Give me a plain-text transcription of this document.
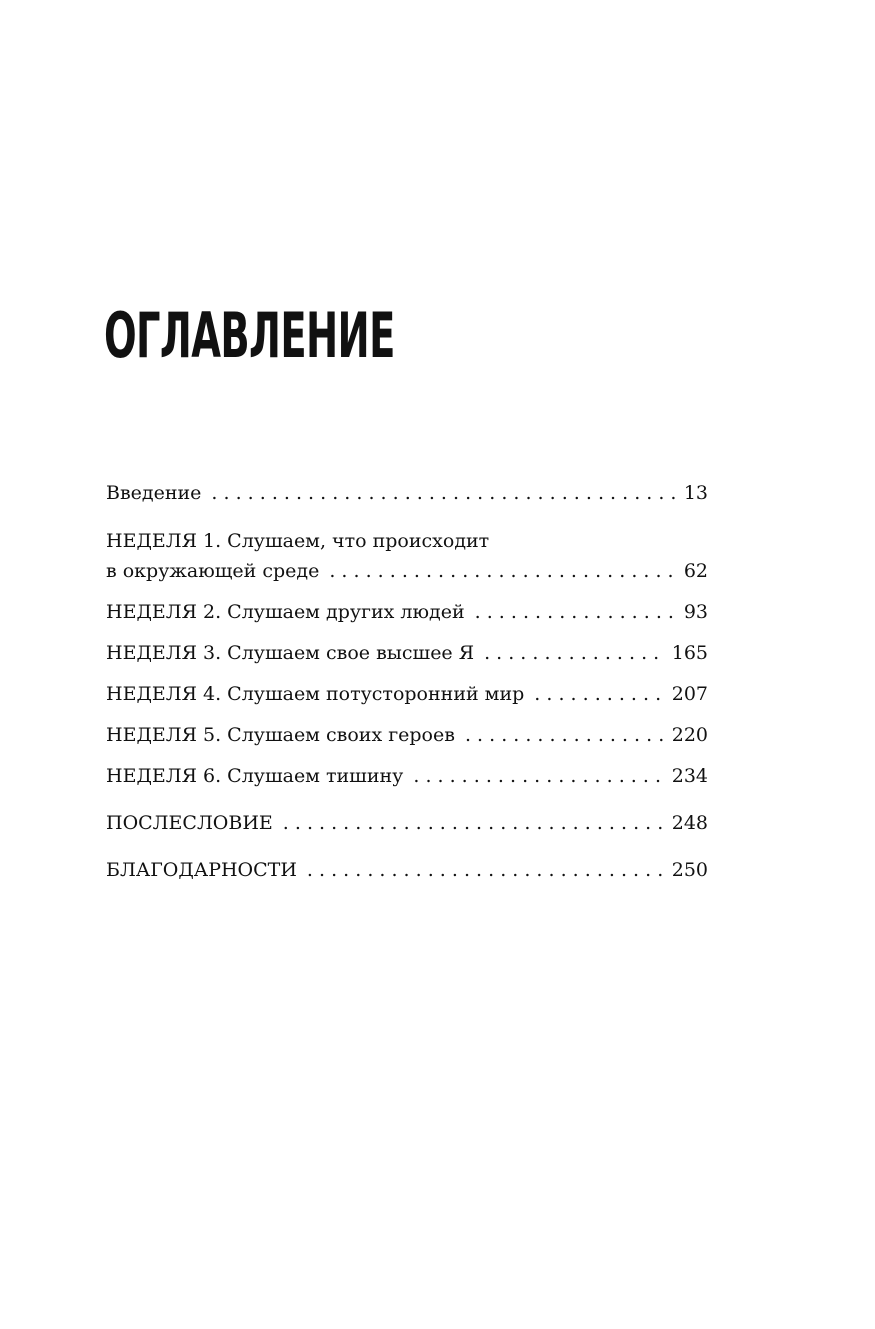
ОГЛАВЛЕНИЕ
Введение . . .	13
НЕДЕЛЯ 1. Слушаем, что происходит
в окружающей среде . . .	62
НЕДЕЛЯ 2. Слушаем других людей . . .	93
НЕДЕЛЯ 3. Слушаем свое высшее Я . . .	165
НЕДЕЛЯ 4. Слушаем потусторонний мир . . .	207
НЕДЕЛЯ 5. Слушаем своих героев . . .	220
НЕДЕЛЯ 6. Слушаем тишину . . .	234
ПОСЛЕСЛОВИЕ . . .	248
БЛАГОДАРНОСТИ . . .	250
